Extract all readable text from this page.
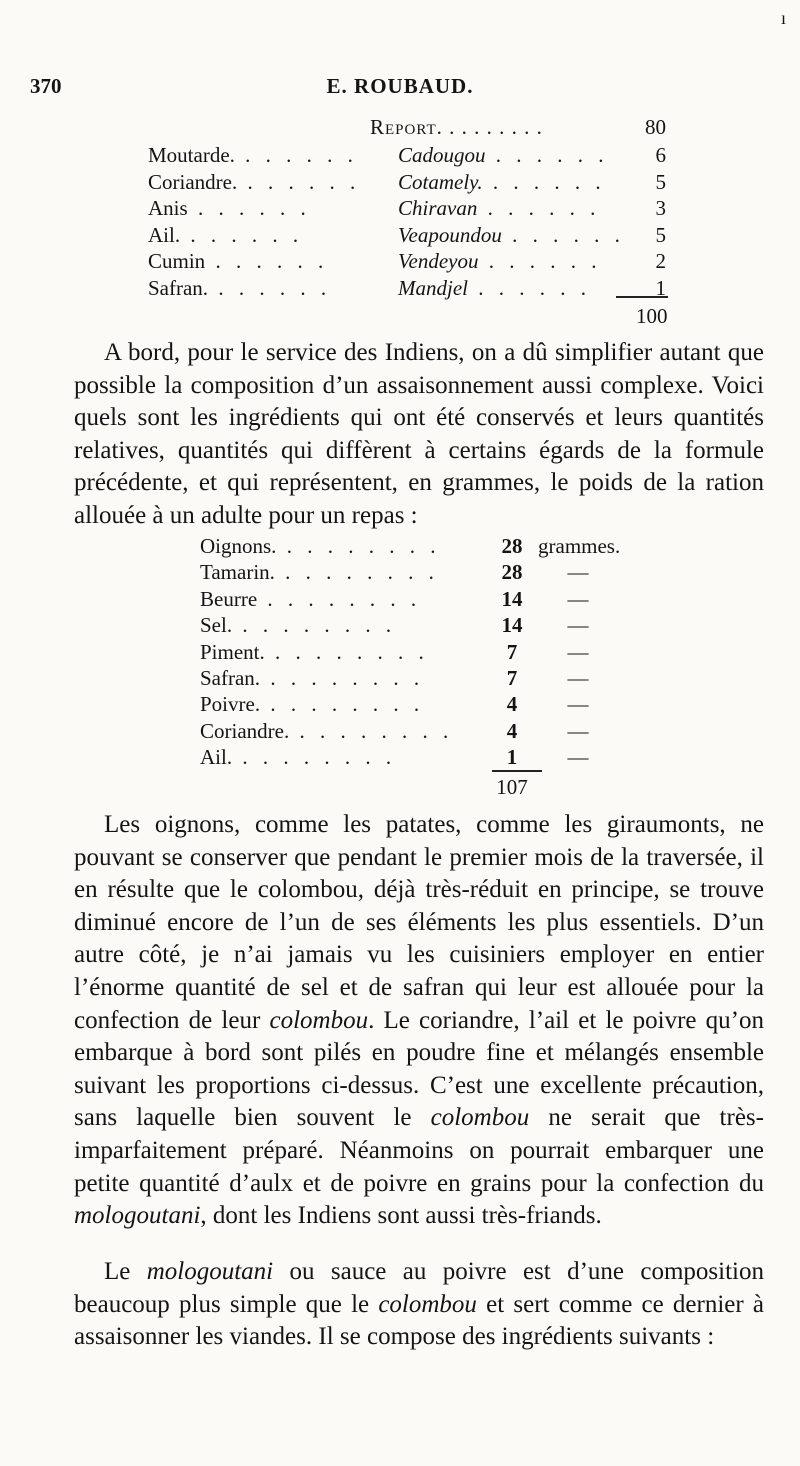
ı
370	E. ROUBAUD.
Report. . . . . . . . .	80
Moutarde. . . . . . . Cadougou . . . . . .	6
Coriandre. . . . . . . Cotamely. . . . . . .	5
Anis . . . . . .	Chiravan . . . . . .	3
Ail. . . . . . .	Veapoundou . . . . . .	5
Cumin . . . . . .	Vendeyou . . . . . .	2
Safran. . . . . . .	Mandjel . . . . . .	1
100

A bord, pour le service des Indiens, on a dû simplifier autant que possible la composition d’un assaisonnement aussi complexe. Voici quels sont les ingrédients qui ont été conservés et leurs quantités relatives, quantités qui diffèrent à certains égards de la formule précédente, et qui représentent, en grammes, le poids de la ration allouée à un adulte pour un repas :

Oignons. . . . . . . . .	28 grammes.
Tamarin. . . . . . . . .	28	—
Beurre . . . . . . . .	14	—
Sel. . . . . . . . .	14	—
Piment. . . . . . . . .	7	—
Safran. . . . . . . . .	7	—
Poivre. . . . . . . . .	4	—
Coriandre. . . . . . . . .	4	—
Ail. . . . . . . . .	1	—
107

Les oignons, comme les patates, comme les giraumonts, ne pouvant se conserver que pendant le premier mois de la traversée, il en résulte que le colombou, déjà très-réduit en principe, se trouve diminué encore de l’un de ses éléments les plus essentiels. D’un autre côté, je n’ai jamais vu les cuisiniers employer en entier l’énorme quantité de sel et de safran qui leur est allouée pour la confection de leur colombou. Le coriandre, l’ail et le poivre qu’on embarque à bord sont pilés en poudre fine et mélangés ensemble suivant les proportions ci-dessus. C’est une excellente précaution, sans laquelle bien souvent le colombou ne serait que très-imparfaitement préparé. Néanmoins on pourrait embarquer une petite quantité d’aulx et de poivre en grains pour la confection du mologoutani, dont les Indiens sont aussi très-friands.

Le mologoutani ou sauce au poivre est d’une composition beaucoup plus simple que le colombou et sert comme ce dernier à assaisonner les viandes. Il se compose des ingrédients suivants :
